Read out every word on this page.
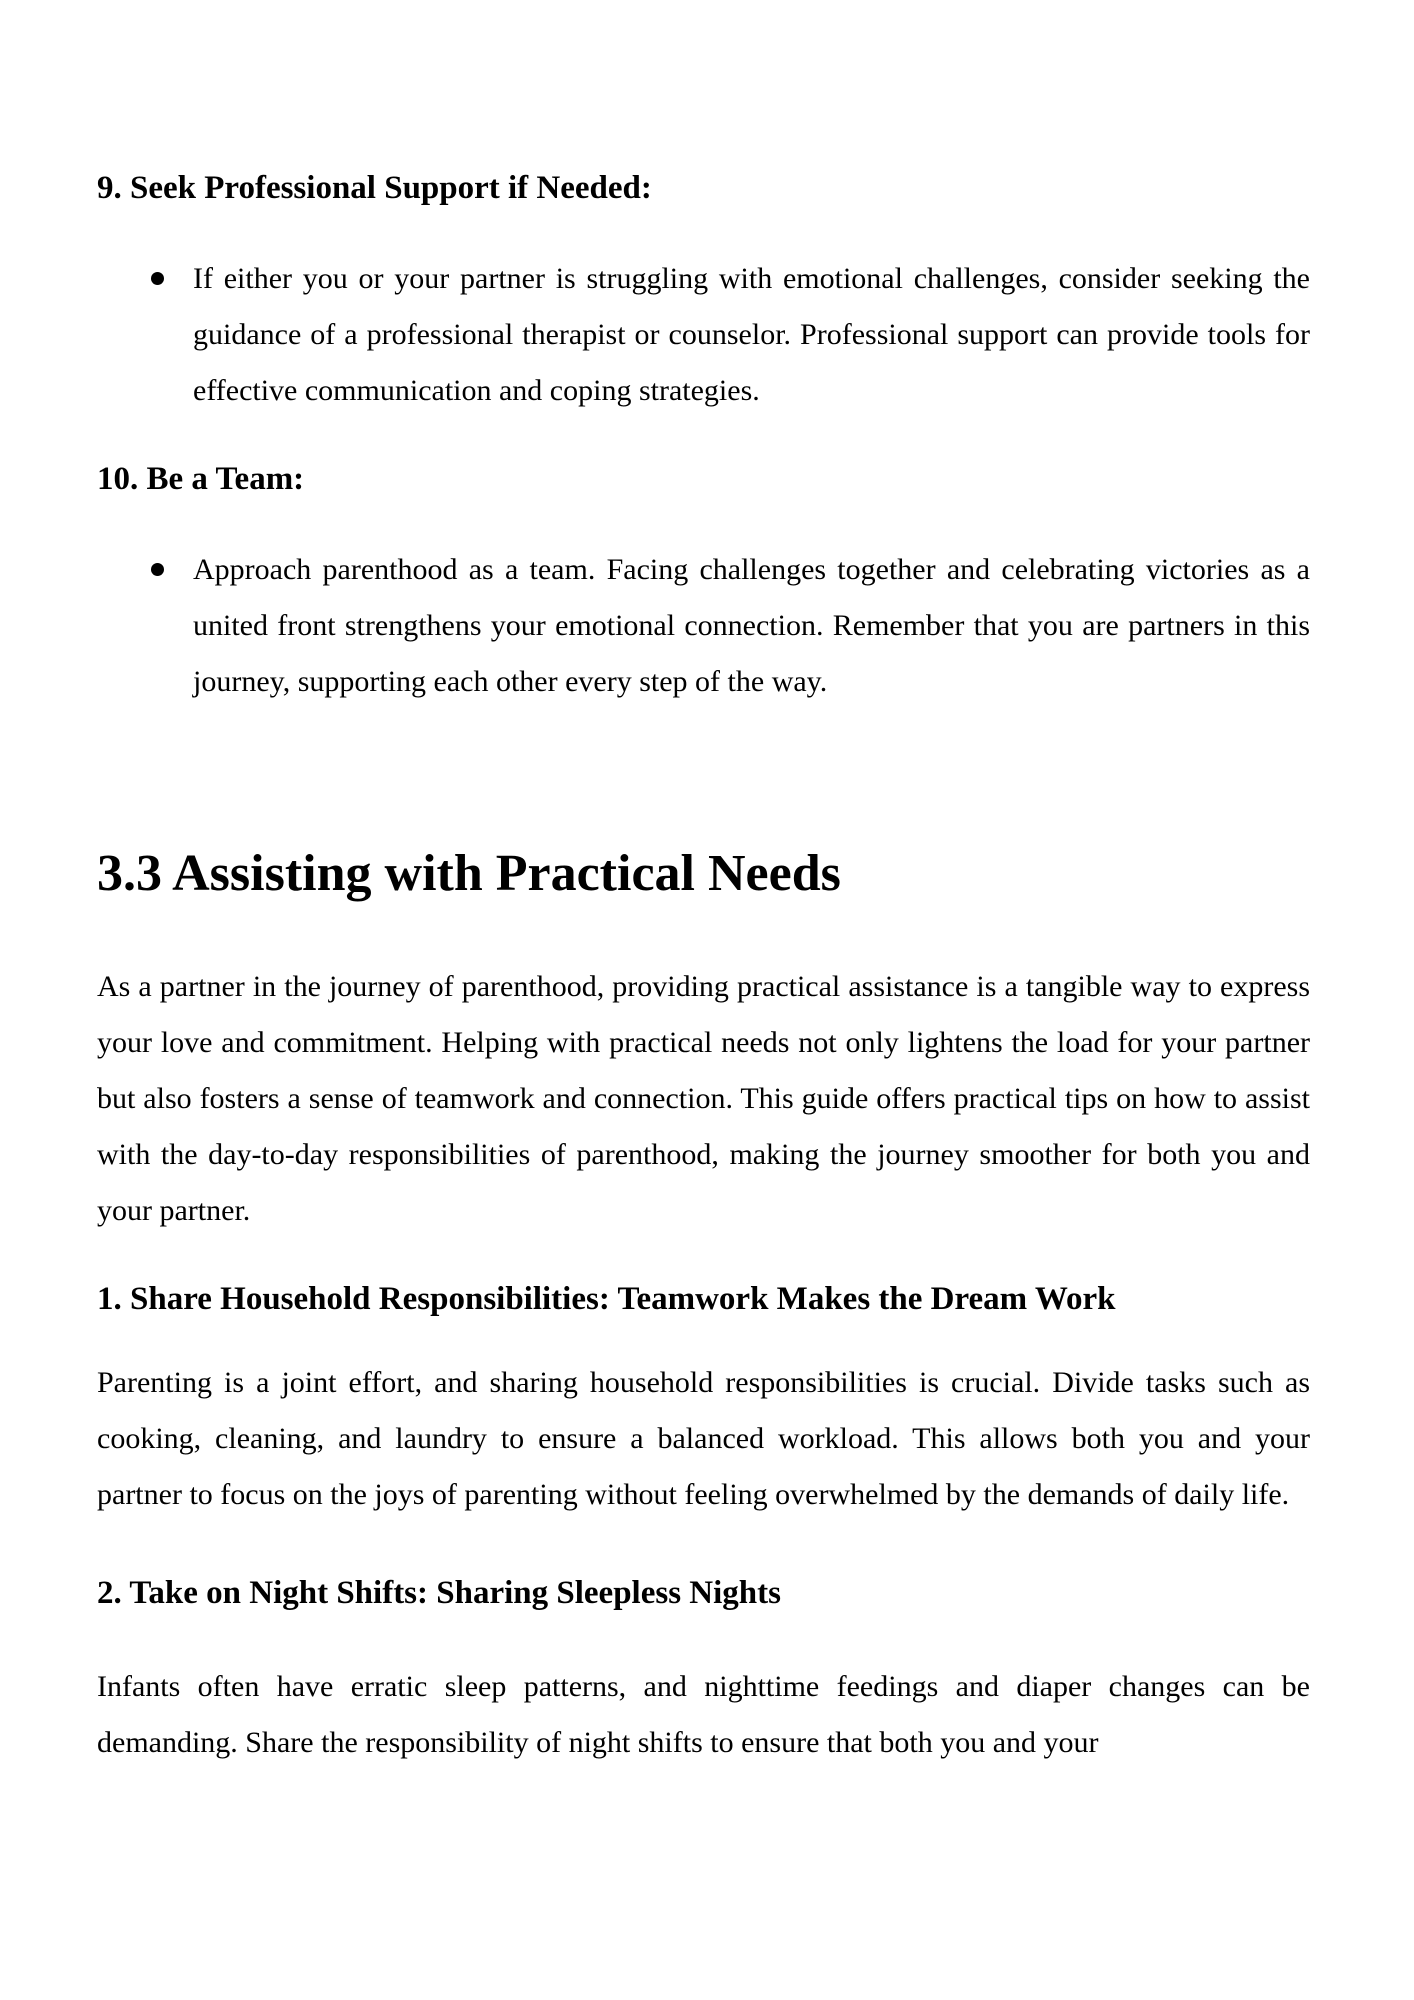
9. Seek Professional Support if Needed:
If either you or your partner is struggling with emotional challenges, consider seeking the guidance of a professional therapist or counselor. Professional support can provide tools for effective communication and coping strategies.
10. Be a Team:
Approach parenthood as a team. Facing challenges together and celebrating victories as a united front strengthens your emotional connection. Remember that you are partners in this journey, supporting each other every step of the way.
3.3 Assisting with Practical Needs

As a partner in the journey of parenthood, providing practical assistance is a tangible way to express your love and commitment. Helping with practical needs not only lightens the load for your partner but also fosters a sense of teamwork and connection. This guide offers practical tips on how to assist with the day-to-day responsibilities of parenthood, making the journey smoother for both you and your partner.

1. Share Household Responsibilities: Teamwork Makes the Dream Work

Parenting is a joint effort, and sharing household responsibilities is crucial. Divide tasks such as cooking, cleaning, and laundry to ensure a balanced workload. This allows both you and your partner to focus on the joys of parenting without feeling overwhelmed by the demands of daily life.

2. Take on Night Shifts: Sharing Sleepless Nights

Infants often have erratic sleep patterns, and nighttime feedings and diaper changes can be demanding. Share the responsibility of night shifts to ensure that both you and your
